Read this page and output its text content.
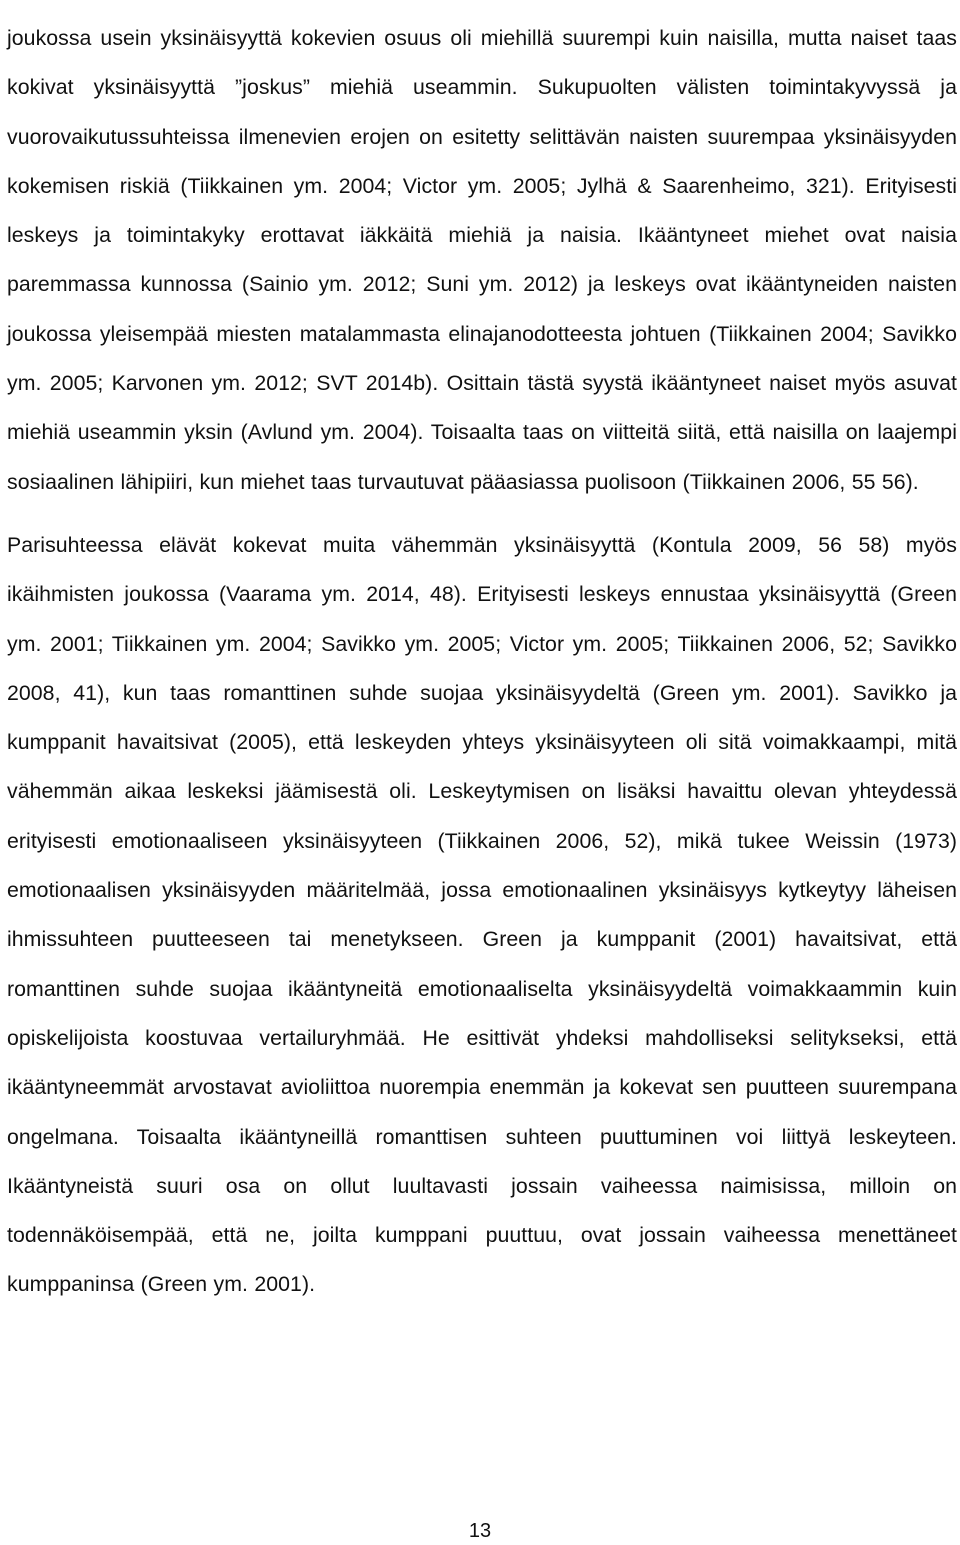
joukossa usein yksinäisyyttä kokevien osuus oli miehillä suurempi kuin naisilla, mutta naiset taas kokivat yksinäisyyttä ”joskus” miehiä useammin. Sukupuolten välisten toimintakyvyssä ja vuorovaikutussuhteissa ilmenevien erojen on esitetty selittävän naisten suurempaa yksinäisyyden kokemisen riskiä (Tiikkainen ym. 2004; Victor ym. 2005; Jylhä & Saarenheimo, 321). Erityisesti leskeys ja toimintakyky erottavat iäkkäitä miehiä ja naisia. Ikääntyneet miehet ovat naisia paremmassa kunnossa (Sainio ym. 2012; Suni ym. 2012) ja leskeys ovat ikääntyneiden naisten joukossa yleisempää miesten matalammasta elinajanodotteesta johtuen (Tiikkainen 2004; Savikko ym. 2005; Karvonen ym. 2012; SVT 2014b). Osittain tästä syystä ikääntyneet naiset myös asuvat miehiä useammin yksin (Avlund ym. 2004). Toisaalta taas on viitteitä siitä, että naisilla on laajempi sosiaalinen lähipiiri, kun miehet taas turvautuvat pääasiassa puolisoon (Tiikkainen 2006, 55 56).

Parisuhteessa elävät kokevat muita vähemmän yksinäisyyttä (Kontula 2009, 56 58) myös ikäihmisten joukossa (Vaarama ym. 2014, 48). Erityisesti leskeys ennustaa yksinäisyyttä (Green ym. 2001; Tiikkainen ym. 2004; Savikko ym. 2005; Victor ym. 2005; Tiikkainen 2006, 52; Savikko 2008, 41), kun taas romanttinen suhde suojaa yksinäisyydeltä (Green ym. 2001). Savikko ja kumppanit havaitsivat (2005), että leskeyden yhteys yksinäisyyteen oli sitä voimakkaampi, mitä vähemmän aikaa leskeksi jäämisestä oli. Leskeytymisen on lisäksi havaittu olevan yhteydessä erityisesti emotionaaliseen yksinäisyyteen (Tiikkainen 2006, 52), mikä tukee Weissin (1973) emotionaalisen yksinäisyyden määritelmää, jossa emotionaalinen yksinäisyys kytkeytyy läheisen ihmissuhteen puutteeseen tai menetykseen. Green ja kumppanit (2001) havaitsivat, että romanttinen suhde suojaa ikääntyneitä emotionaaliselta yksinäisyydeltä voimakkaammin kuin opiskelijoista koostuvaa vertailuryhmää. He esittivät yhdeksi mahdolliseksi selitykseksi, että ikääntyneemmät arvostavat avioliittoa nuorempia enemmän ja kokevat sen puutteen suurempana ongelmana. Toisaalta ikääntyneillä romanttisen suhteen puuttuminen voi liittyä leskeyteen. Ikääntyneistä suuri osa on ollut luultavasti jossain vaiheessa naimisissa, milloin on todennäköisempää, että ne, joilta kumppani puuttuu, ovat jossain vaiheessa menettäneet kumppaninsa (Green ym. 2001).

13
